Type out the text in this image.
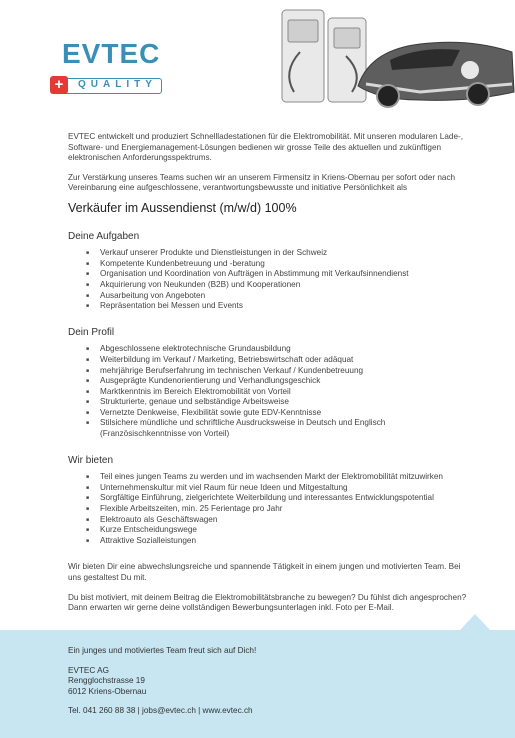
EVTEC
+	QUALITY

EVTEC entwickelt und produziert Schnellladestationen für die Elektromobilität. Mit unseren modularen Lade-, Software- und Energiemanagement-Lösungen bedienen wir grosse Teile des aktuellen und zukünftigen elektronischen Anforderungsspektrums.

Zur Verstärkung unseres Teams suchen wir an unserem Firmensitz in Kriens-Obernau per sofort oder nach Vereinbarung eine aufgeschlossene, verantwortungsbewusste und initiative Persönlichkeit als

Verkäufer im Aussendienst (m/w/d) 100%
Deine Aufgaben
■ Verkauf unserer Produkte und Dienstleistungen in der Schweiz
■ Kompetente Kundenbetreuung und -beratung
■ Organisation und Koordination von Aufträgen in Abstimmung mit Verkaufsinnendienst
■ Akquirierung von Neukunden (B2B) und Kooperationen
■ Ausarbeitung von Angeboten
■ Repräsentation bei Messen und Events
Dein Profil
■ Abgeschlossene elektrotechnische Grundausbildung
■ Weiterbildung im Verkauf / Marketing, Betriebswirtschaft oder adäquat
■ mehrjährige Berufserfahrung im technischen Verkauf / Kundenbetreuung
■ Ausgeprägte Kundenorientierung und Verhandlungsgeschick
■ Marktkenntnis im Bereich Elektromobilität von Vorteil
■ Strukturierte, genaue und selbständige Arbeitsweise
■ Vernetzte Denkweise, Flexibilität sowie gute EDV-Kenntnisse
■ Stilsichere mündliche und schriftliche Ausdrucksweise in Deutsch und Englisch (Französischkenntnisse von Vorteil)
Wir bieten
■ Teil eines jungen Teams zu werden und im wachsenden Markt der Elektromobilität mitzuwirken
■ Unternehmenskultur mit viel Raum für neue Ideen und Mitgestaltung
■ Sorgfältige Einführung, zielgerichtete Weiterbildung und interessantes Entwicklungspotential
■ Flexible Arbeitszeiten, min. 25 Ferientage pro Jahr
■ Elektroauto als Geschäftswagen
■ Kurze Entscheidungswege
■ Attraktive Sozialleistungen

Wir bieten Dir eine abwechslungsreiche und spannende Tätigkeit in einem jungen und motivierten Team. Bei uns gestaltest Du mit.

Du bist motiviert, mit deinem Beitrag die Elektromobilitätsbranche zu bewegen? Du fühlst dich angesprochen? Dann erwarten wir gerne deine vollständigen Bewerbungsunterlagen inkl. Foto per E-Mail.

Ein junges und motiviertes Team freut sich auf Dich!

EVTEC AG
Rengglochstrasse 19

6012 Kriens-Obernau

Tel. 041 260 88 38 | jobs@evtec.ch | www.evtec.ch
